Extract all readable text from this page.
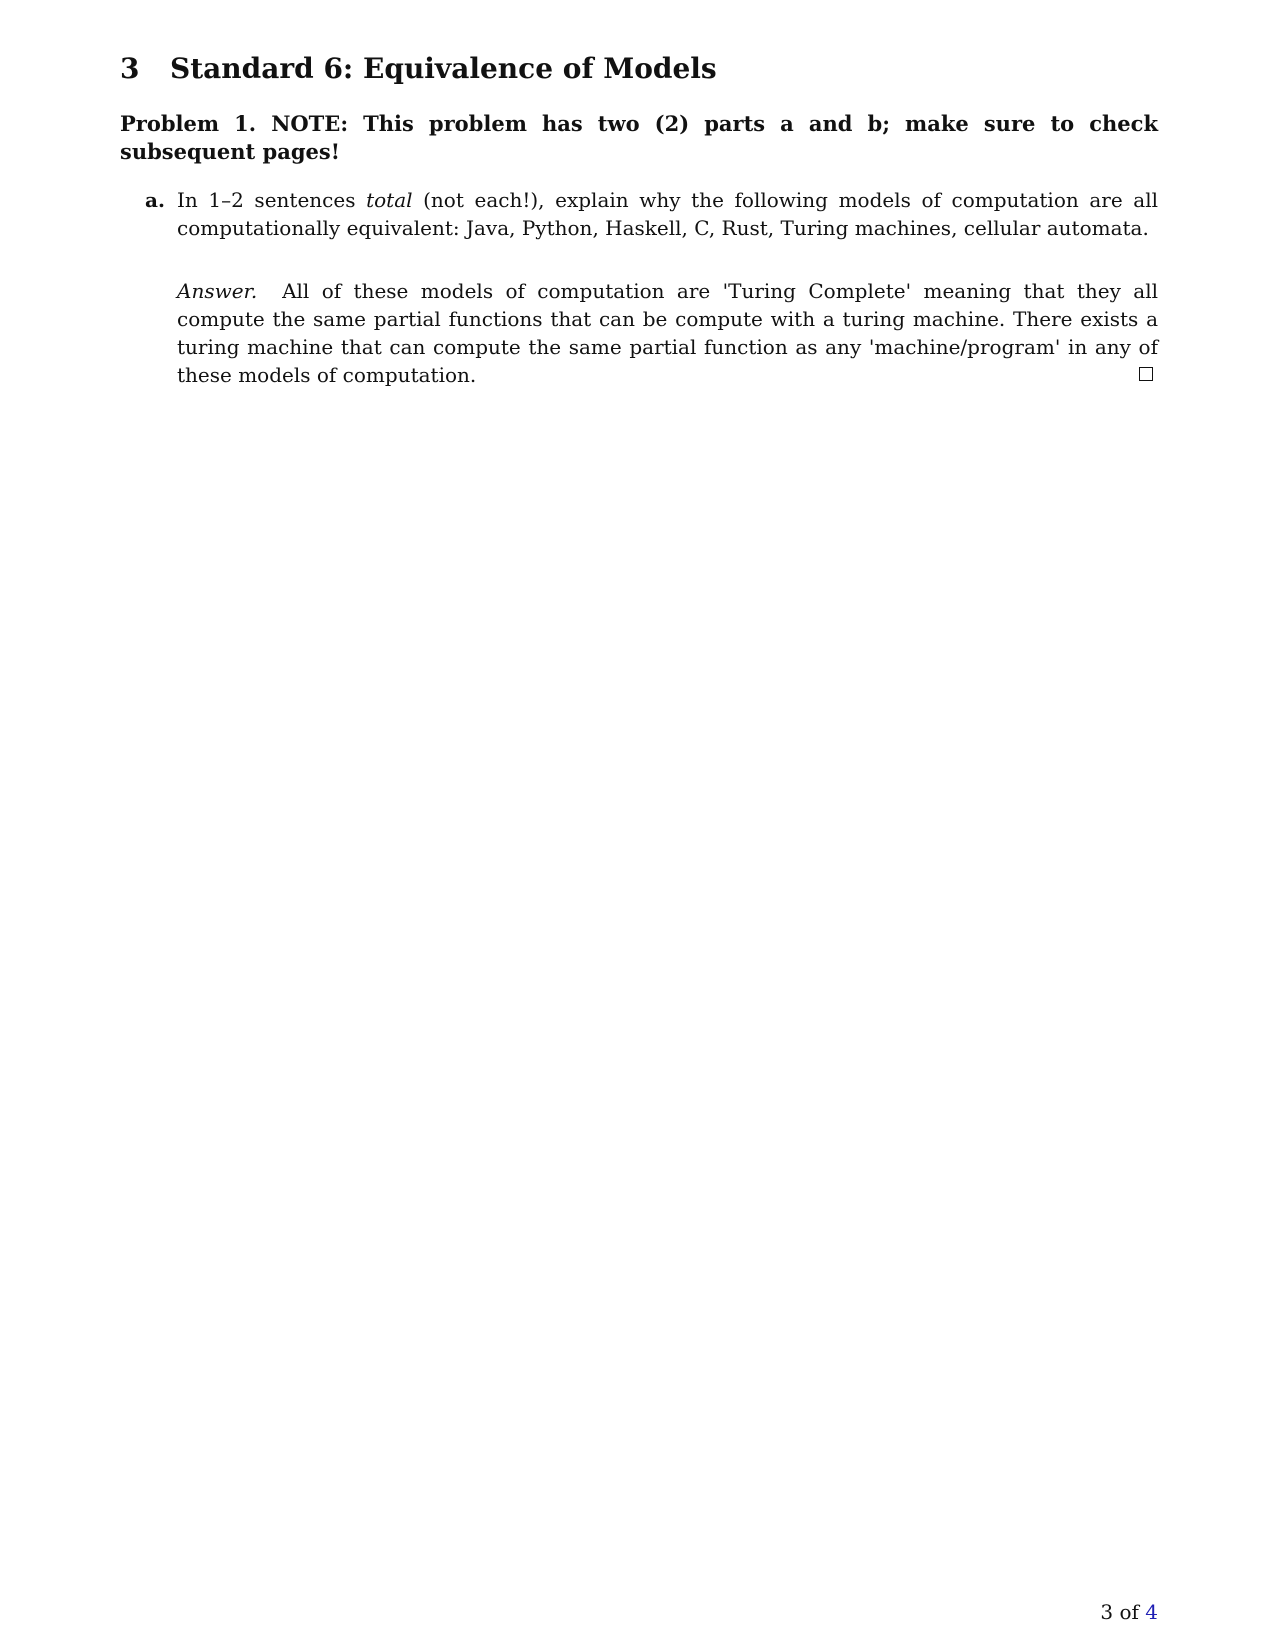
3	Standard 6: Equivalence of Models
Problem 1. NOTE: This problem has two (2) parts a and b; make sure to check subsequent pages!
a. In 1–2 sentences total (not each!), explain why the following models of computation are all computationally equivalent: Java, Python, Haskell, C, Rust, Turing machines, cellular automata.
Answer. All of these models of computation are 'Turing Complete' meaning that they all compute the same partial functions that can be compute with a turing machine. There exists a turing machine that can compute the same partial function as any 'machine/program' in any of these models of computation.
3 of 4
